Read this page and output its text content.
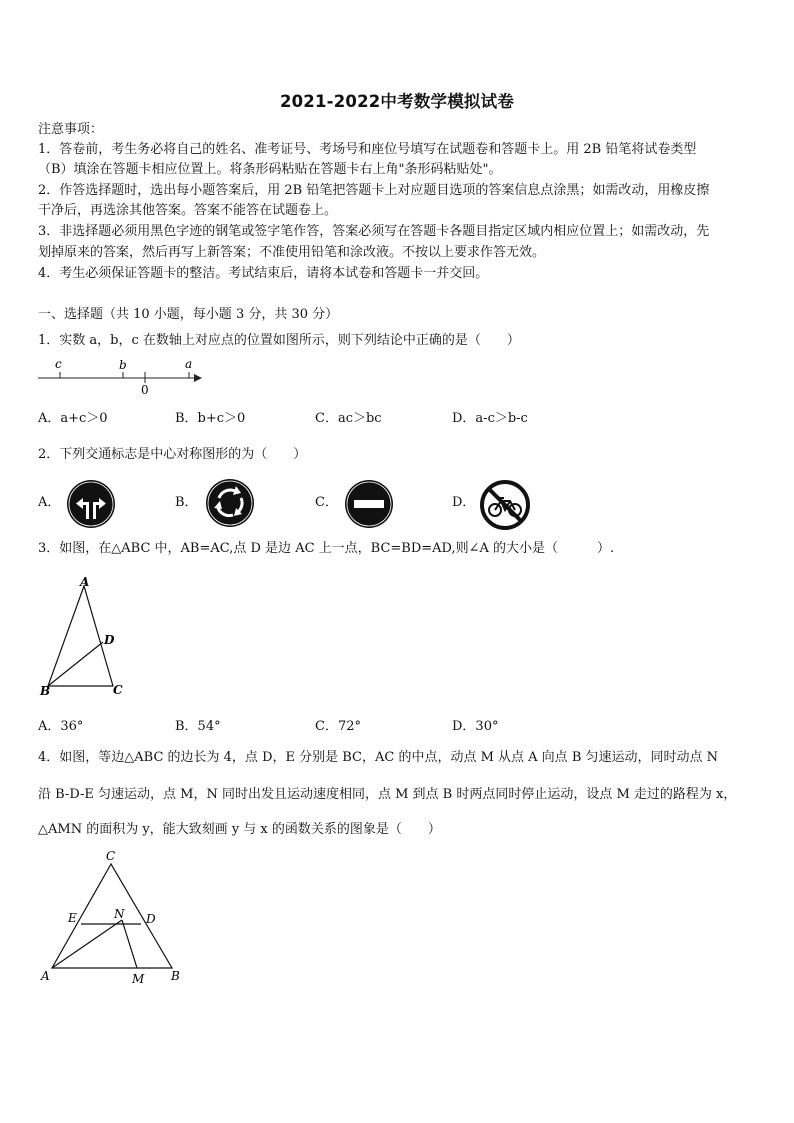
2021-2022中考数学模拟试卷
注意事项：
1．答卷前，考生务必将自己的姓名、准考证号、考场号和座位号填写在试题卷和答题卡上。用 2B 铅笔将试卷类型
（B）填涂在答题卡相应位置上。将条形码粘贴在答题卡右上角"条形码粘贴处"。
2．作答选择题时，选出每小题答案后，用 2B 铅笔把答题卡上对应题目选项的答案信息点涂黑；如需改动，用橡皮擦
干净后，再选涂其他答案。答案不能答在试题卷上。
3．非选择题必须用黑色字迹的钢笔或签字笔作答，答案必须写在答题卡各题目指定区域内相应位置上；如需改动，先
划掉原来的答案，然后再写上新答案；不准使用铅笔和涂改液。不按以上要求作答无效。
4．考生必须保证答题卡的整洁。考试结束后，请将本试卷和答题卡一并交回。
一、选择题（共 10 小题，每小题 3 分，共 30 分）
1．实数 a，b，c 在数轴上对应点的位置如图所示，则下列结论中正确的是（　　）
c	b
0
a
A．a+c＞0	B．b+c＞0	C．ac＞bc	D．a-c＞b-c
2．下列交通标志是中心对称图形的为（　　）
A．	B．	C．	D．
3．如图，在△ABC 中，AB=AC,点 D 是边 AC 上一点，BC=BD=AD,则∠A 的大小是（　　　）.
A
D
B	C
A．36°	B．54°	C．72°	D．30°
4．如图，等边△ABC 的边长为 4，点 D，E 分别是 BC，AC 的中点，动点 M 从点 A 向点 B 匀速运动，同时动点 N
沿 B-D-E 匀速运动，点 M，N 同时出发且运动速度相同，点 M 到点 B 时两点同时停止运动，设点 M 走过的路程为 x，
△AMN 的面积为 y，能大致刻画 y 与 x 的函数关系的图象是（　　）
C
E	N D
A	M B
